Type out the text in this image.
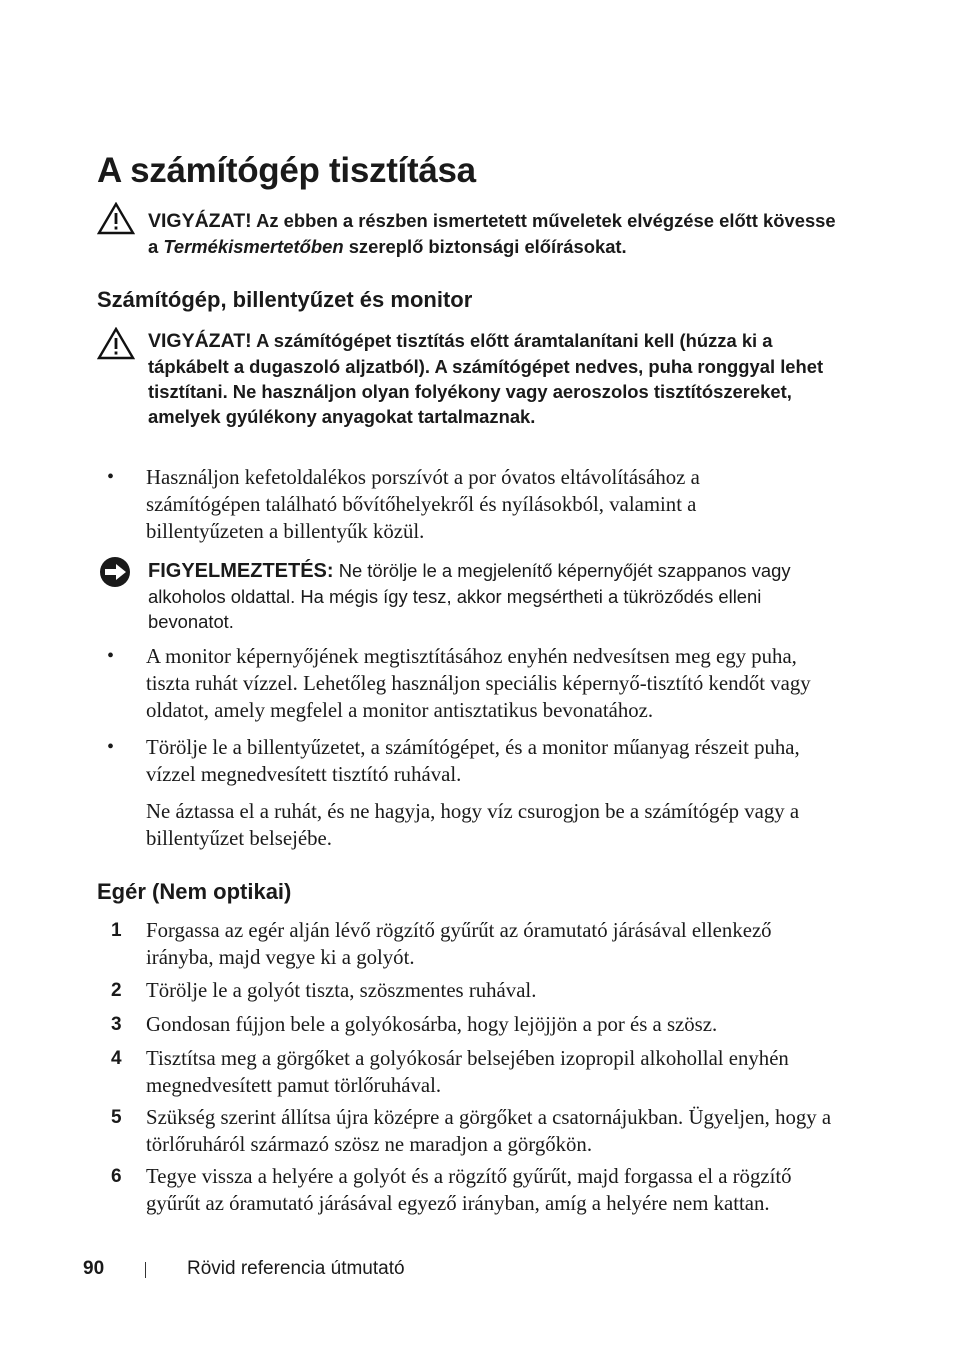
A számítógép tisztítása

VIGYÁZAT! Az ebben a részben ismertetett műveletek elvégzése előtt kövesse a Termékismertetőben szereplő biztonsági előírásokat.

Számítógép, billentyűzet és monitor

VIGYÁZAT! A számítógépet tisztítás előtt áramtalanítani kell (húzza ki a tápkábelt a dugaszoló aljzatból). A számítógépet nedves, puha ronggyal lehet tisztítani. Ne használjon olyan folyékony vagy aeroszolos tisztítószereket, amelyek gyúlékony anyagokat tartalmaznak.

• Használjon kefetoldalékos porszívót a por óvatos eltávolításához a számítógépen található bővítőhelyekről és nyílásokból, valamint a billentyűzeten a billentyűk közül.

FIGYELMEZTETÉS: Ne törölje le a megjelenítő képernyőjét szappanos vagy alkoholos oldattal. Ha mégis így tesz, akkor megsértheti a tükröződés elleni bevonatot.

• A monitor képernyőjének megtisztításához enyhén nedvesítsen meg egy puha, tiszta ruhát vízzel. Lehetőleg használjon speciális képernyő-tisztító kendőt vagy oldatot, amely megfelel a monitor antisztatikus bevonatához.

• Törölje le a billentyűzetet, a számítógépet, és a monitor műanyag részeit puha, vízzel megnedvesített tisztító ruhával.

Ne áztassa el a ruhát, és ne hagyja, hogy víz csurogjon be a számítógép vagy a billentyűzet belsejébe.

Egér (Nem optikai)
1 Forgassa az egér alján lévő rögzítő gyűrűt az óramutató járásával ellenkező irányba, majd vegye ki a golyót.

2 Törölje le a golyót tiszta, szöszmentes ruhával.

3 Gondosan fújjon bele a golyókosárba, hogy lejöjjön a por és a szösz.

4 Tisztítsa meg a görgőket a golyókosár belsejében izopropil alkohollal enyhén megnedvesített pamut törlőruhával.

5 Szükség szerint állítsa újra középre a görgőket a csatornájukban. Ügyeljen, hogy a törlőruháról származó szösz ne maradjon a görgőkön.

6 Tegye vissza a helyére a golyót és a rögzítő gyűrűt, majd forgassa el a rögzítő gyűrűt az óramutató járásával egyező irányban, amíg a helyére nem kattan.

90	Rövid referencia útmutató
